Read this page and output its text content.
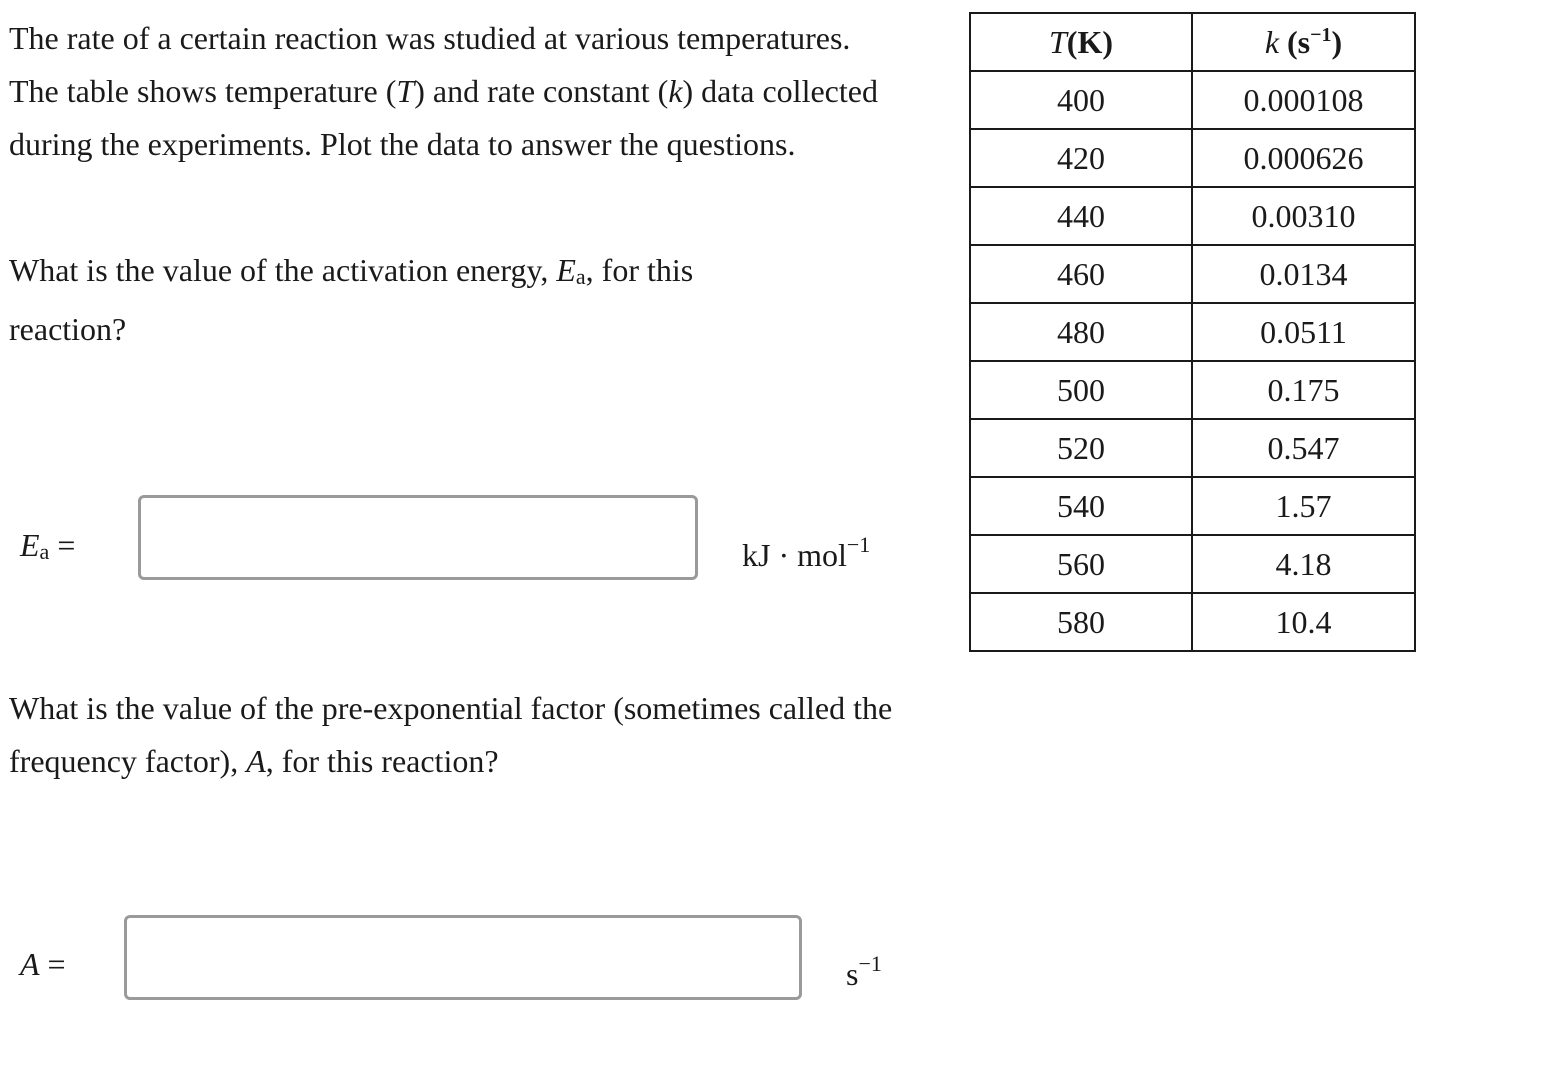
The rate of a certain reaction was studied at various temperatures. The table shows temperature (T) and rate constant (k) data collected during the experiments. Plot the data to answer the questions.

What is the value of the activation energy, $E_a$, for this reaction?

$E_a$ =	kJ · mol$^{-1}$

What is the value of the pre-exponential factor (sometimes called the frequency factor), A, for this reaction?

A =	$s^{-1}$
T(K)	k $(s^{-1})$
400	0.000108
420	0.000626
440	0.00310
460	0.0134
480	0.0511
500	0.175
520	0.547
540	1.57
560	4.18
580	10.4
